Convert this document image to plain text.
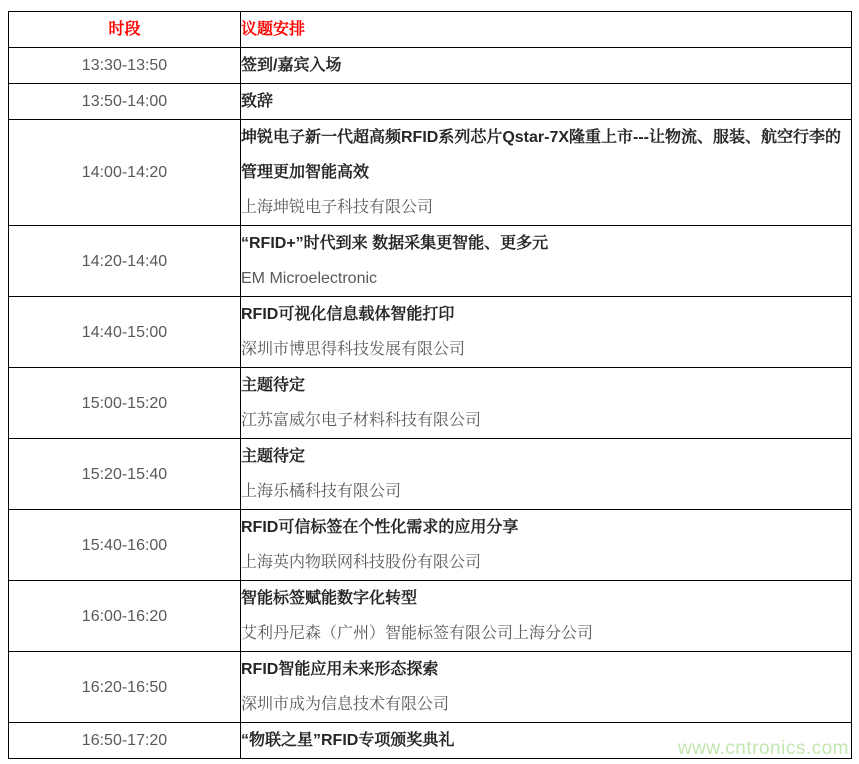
时段	议题安排
13:30-13:50	签到/嘉宾入场

13:50-14:00	致辞

14:00-14:20	坤锐电子新一代超高频RFID系列芯片Qstar-7X隆重上市---让物流、服装、航空行李的管理更加智能高效
上海坤锐电子科技有限公司

14:20-14:40	“RFID+”时代到来 数据采集更智能、更多元
EM Microelectronic

14:40-15:00	RFID可视化信息载体智能打印
深圳市博思得科技发展有限公司

15:00-15:20	主题待定
江苏富威尔电子材料科技有限公司

15:20-15:40	主题待定
上海乐橘科技有限公司

15:40-16:00	RFID可信标签在个性化需求的应用分享
上海英内物联网科技股份有限公司

16:00-16:20	智能标签赋能数字化转型
艾利丹尼森（广州）智能标签有限公司上海分公司

16:20-16:50	RFID智能应用未来形态探索
深圳市成为信息技术有限公司

16:50-17:20	“物联之星”RFID专项颁奖典礼	www.cntronics.com
